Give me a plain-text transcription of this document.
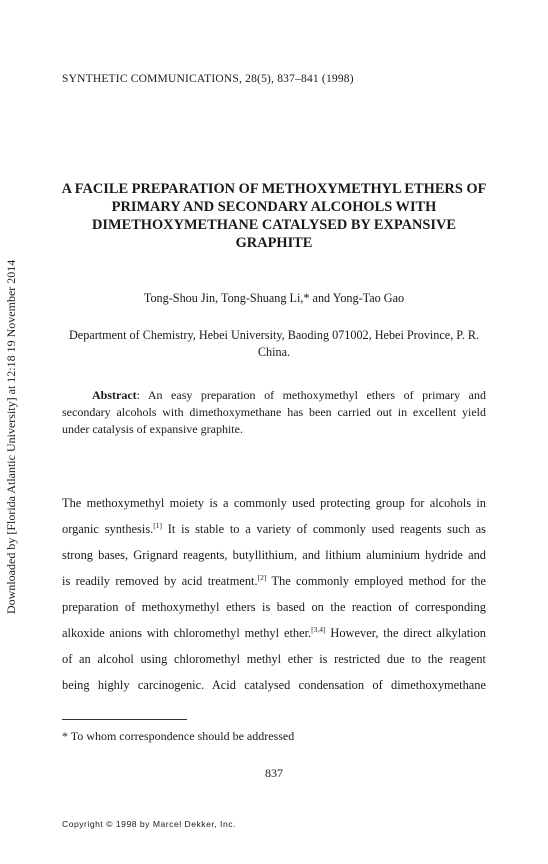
Downloaded by [Florida Atlantic University] at 12:18 19 November 2014
SYNTHETIC COMMUNICATIONS, 28(5), 837–841 (1998)
A FACILE PREPARATION OF METHOXYMETHYL ETHERS OF PRIMARY AND SECONDARY ALCOHOLS WITH DIMETHOXYMETHANE CATALYSED BY EXPANSIVE GRAPHITE
Tong-Shou Jin, Tong-Shuang Li,* and Yong-Tao Gao
Department of Chemistry, Hebei University, Baoding 071002, Hebei Province, P. R. China.
Abstract: An easy preparation of methoxymethyl ethers of primary and secondary alcohols with dimethoxymethane has been carried out in excellent yield under catalysis of expansive graphite.
The methoxymethyl moiety is a commonly used protecting group for alcohols in
organic synthesis.[1] It is stable to a variety of commonly used reagents such as
strong bases, Grignard reagents, butyllithium, and lithium aluminium hydride and
is readily removed by acid treatment.[2] The commonly employed method for the
preparation of methoxymethyl ethers is based on the reaction of corresponding
alkoxide anions with chloromethyl methyl ether.[3,4] However, the direct alkylation
of an alcohol using chloromethyl methyl ether is restricted due to the reagent
being highly carcinogenic. Acid catalysed condensation of dimethoxymethane
* To whom correspondence should be addressed
837
Copyright © 1998 by Marcel Dekker, Inc.
